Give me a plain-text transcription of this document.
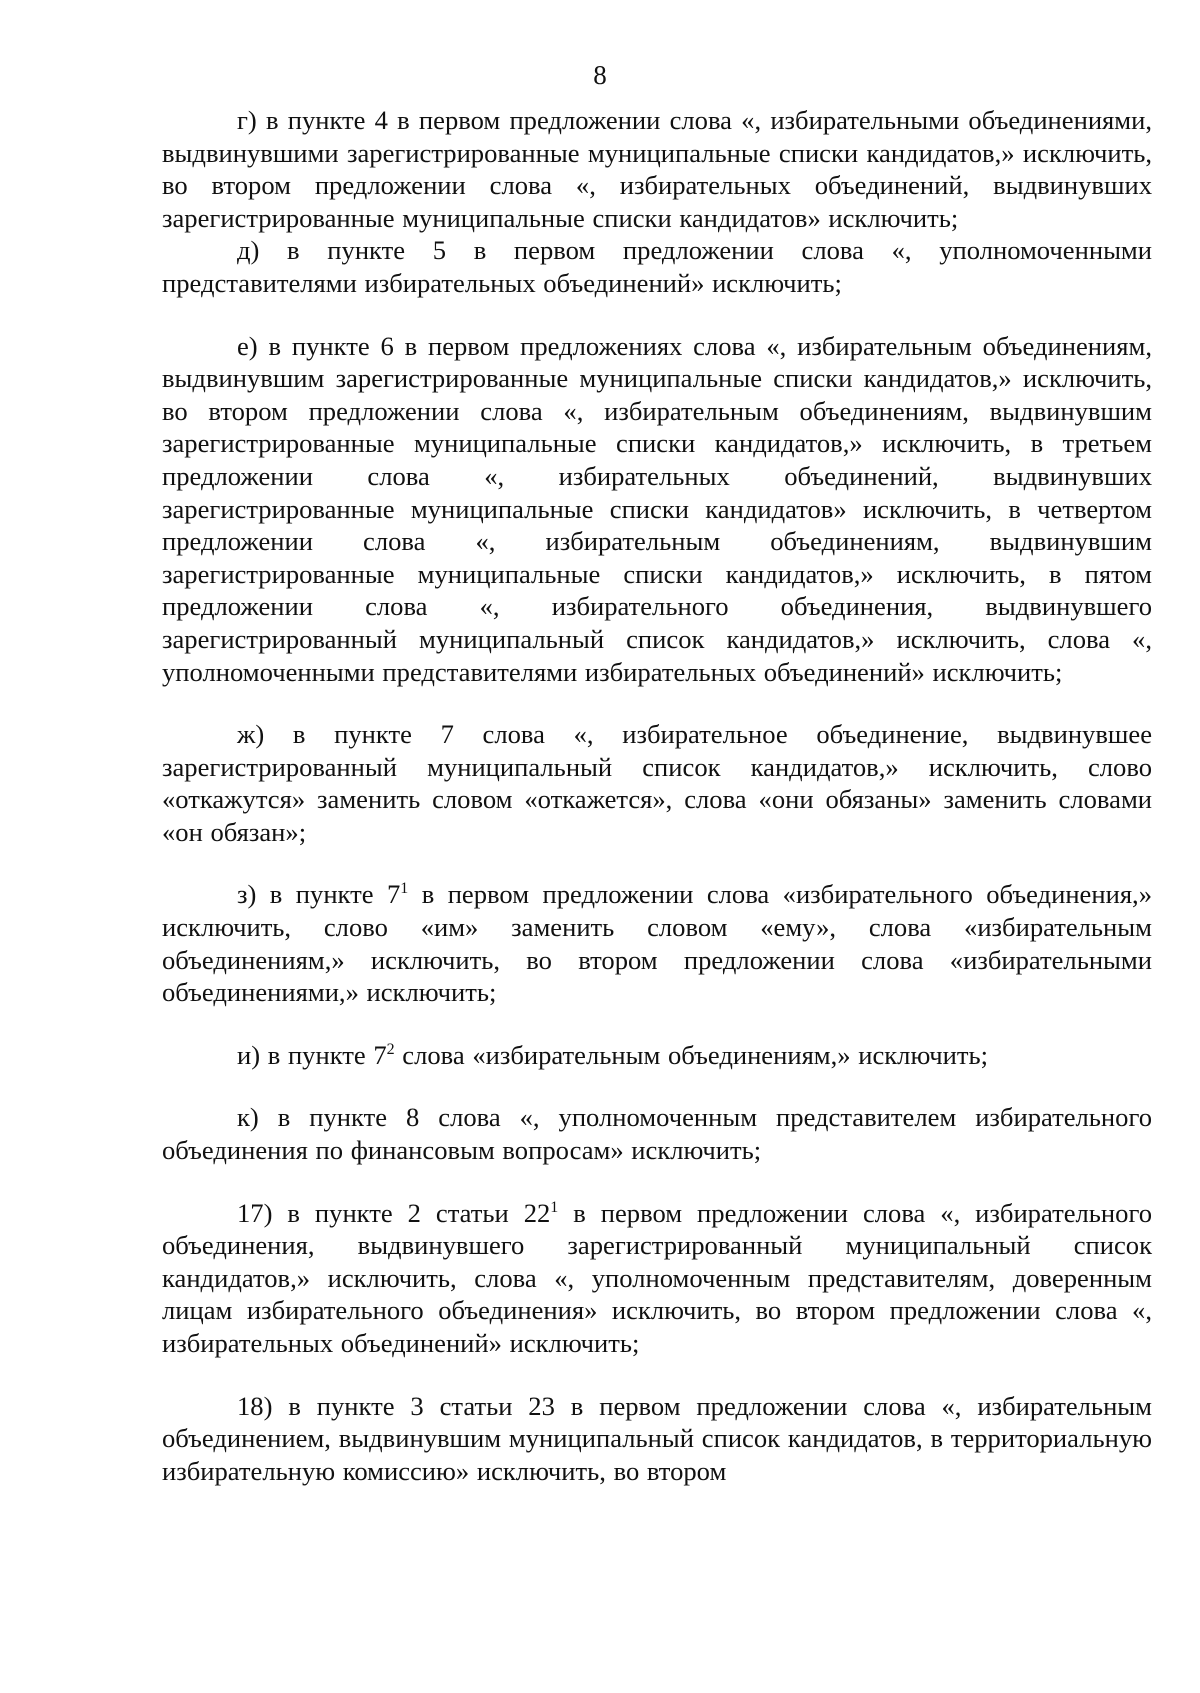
8

г) в пункте 4 в первом предложении слова «, избирательными объединениями, выдвинувшими зарегистрированные муниципальные списки кандидатов,» исключить, во втором предложении слова «, избирательных объединений, выдвинувших зарегистрированные муниципальные списки кандидатов» исключить;

д) в пункте 5 в первом предложении слова «, уполномоченными представителями избирательных объединений» исключить;

е) в пункте 6 в первом предложениях слова «, избирательным объединениям, выдвинувшим зарегистрированные муниципальные списки кандидатов,» исключить, во втором предложении слова «, избирательным объединениям, выдвинувшим зарегистрированные муниципальные списки кандидатов,» исключить, в третьем предложении слова «, избирательных объединений, выдвинувших зарегистрированные муниципальные списки кандидатов» исключить, в четвертом предложении слова «, избирательным объединениям, выдвинувшим зарегистрированные муниципальные списки кандидатов,» исключить, в пятом предложении слова «, избирательного объединения, выдвинувшего зарегистрированный муниципальный список кандидатов,» исключить, слова «, уполномоченными представителями избирательных объединений» исключить;

ж) в пункте 7 слова «, избирательное объединение, выдвинувшее зарегистрированный муниципальный список кандидатов,» исключить, слово «откажутся» заменить словом «откажется», слова «они обязаны» заменить словами «он обязан»;

з) в пункте $7^1$ в первом предложении слова «избирательного объединения,» исключить, слово «им» заменить словом «ему», слова «избирательным объединениям,» исключить, во втором предложении слова «избирательными объединениями,» исключить;

и) в пункте $7^2$ слова «избирательным объединениям,» исключить;

к) в пункте 8 слова «, уполномоченным представителем избирательного объединения по финансовым вопросам» исключить;

17) в пункте 2 статьи $22^1$ в первом предложении слова «, избирательного объединения, выдвинувшего зарегистрированный муниципальный список кандидатов,» исключить, слова «, уполномоченным представителям, доверенным лицам избирательного объединения» исключить, во втором предложении слова «, избирательных объединений» исключить;

18) в пункте 3 статьи 23 в первом предложении слова «, избирательным объединением, выдвинувшим муниципальный список кандидатов, в территориальную избирательную комиссию» исключить, во втором
